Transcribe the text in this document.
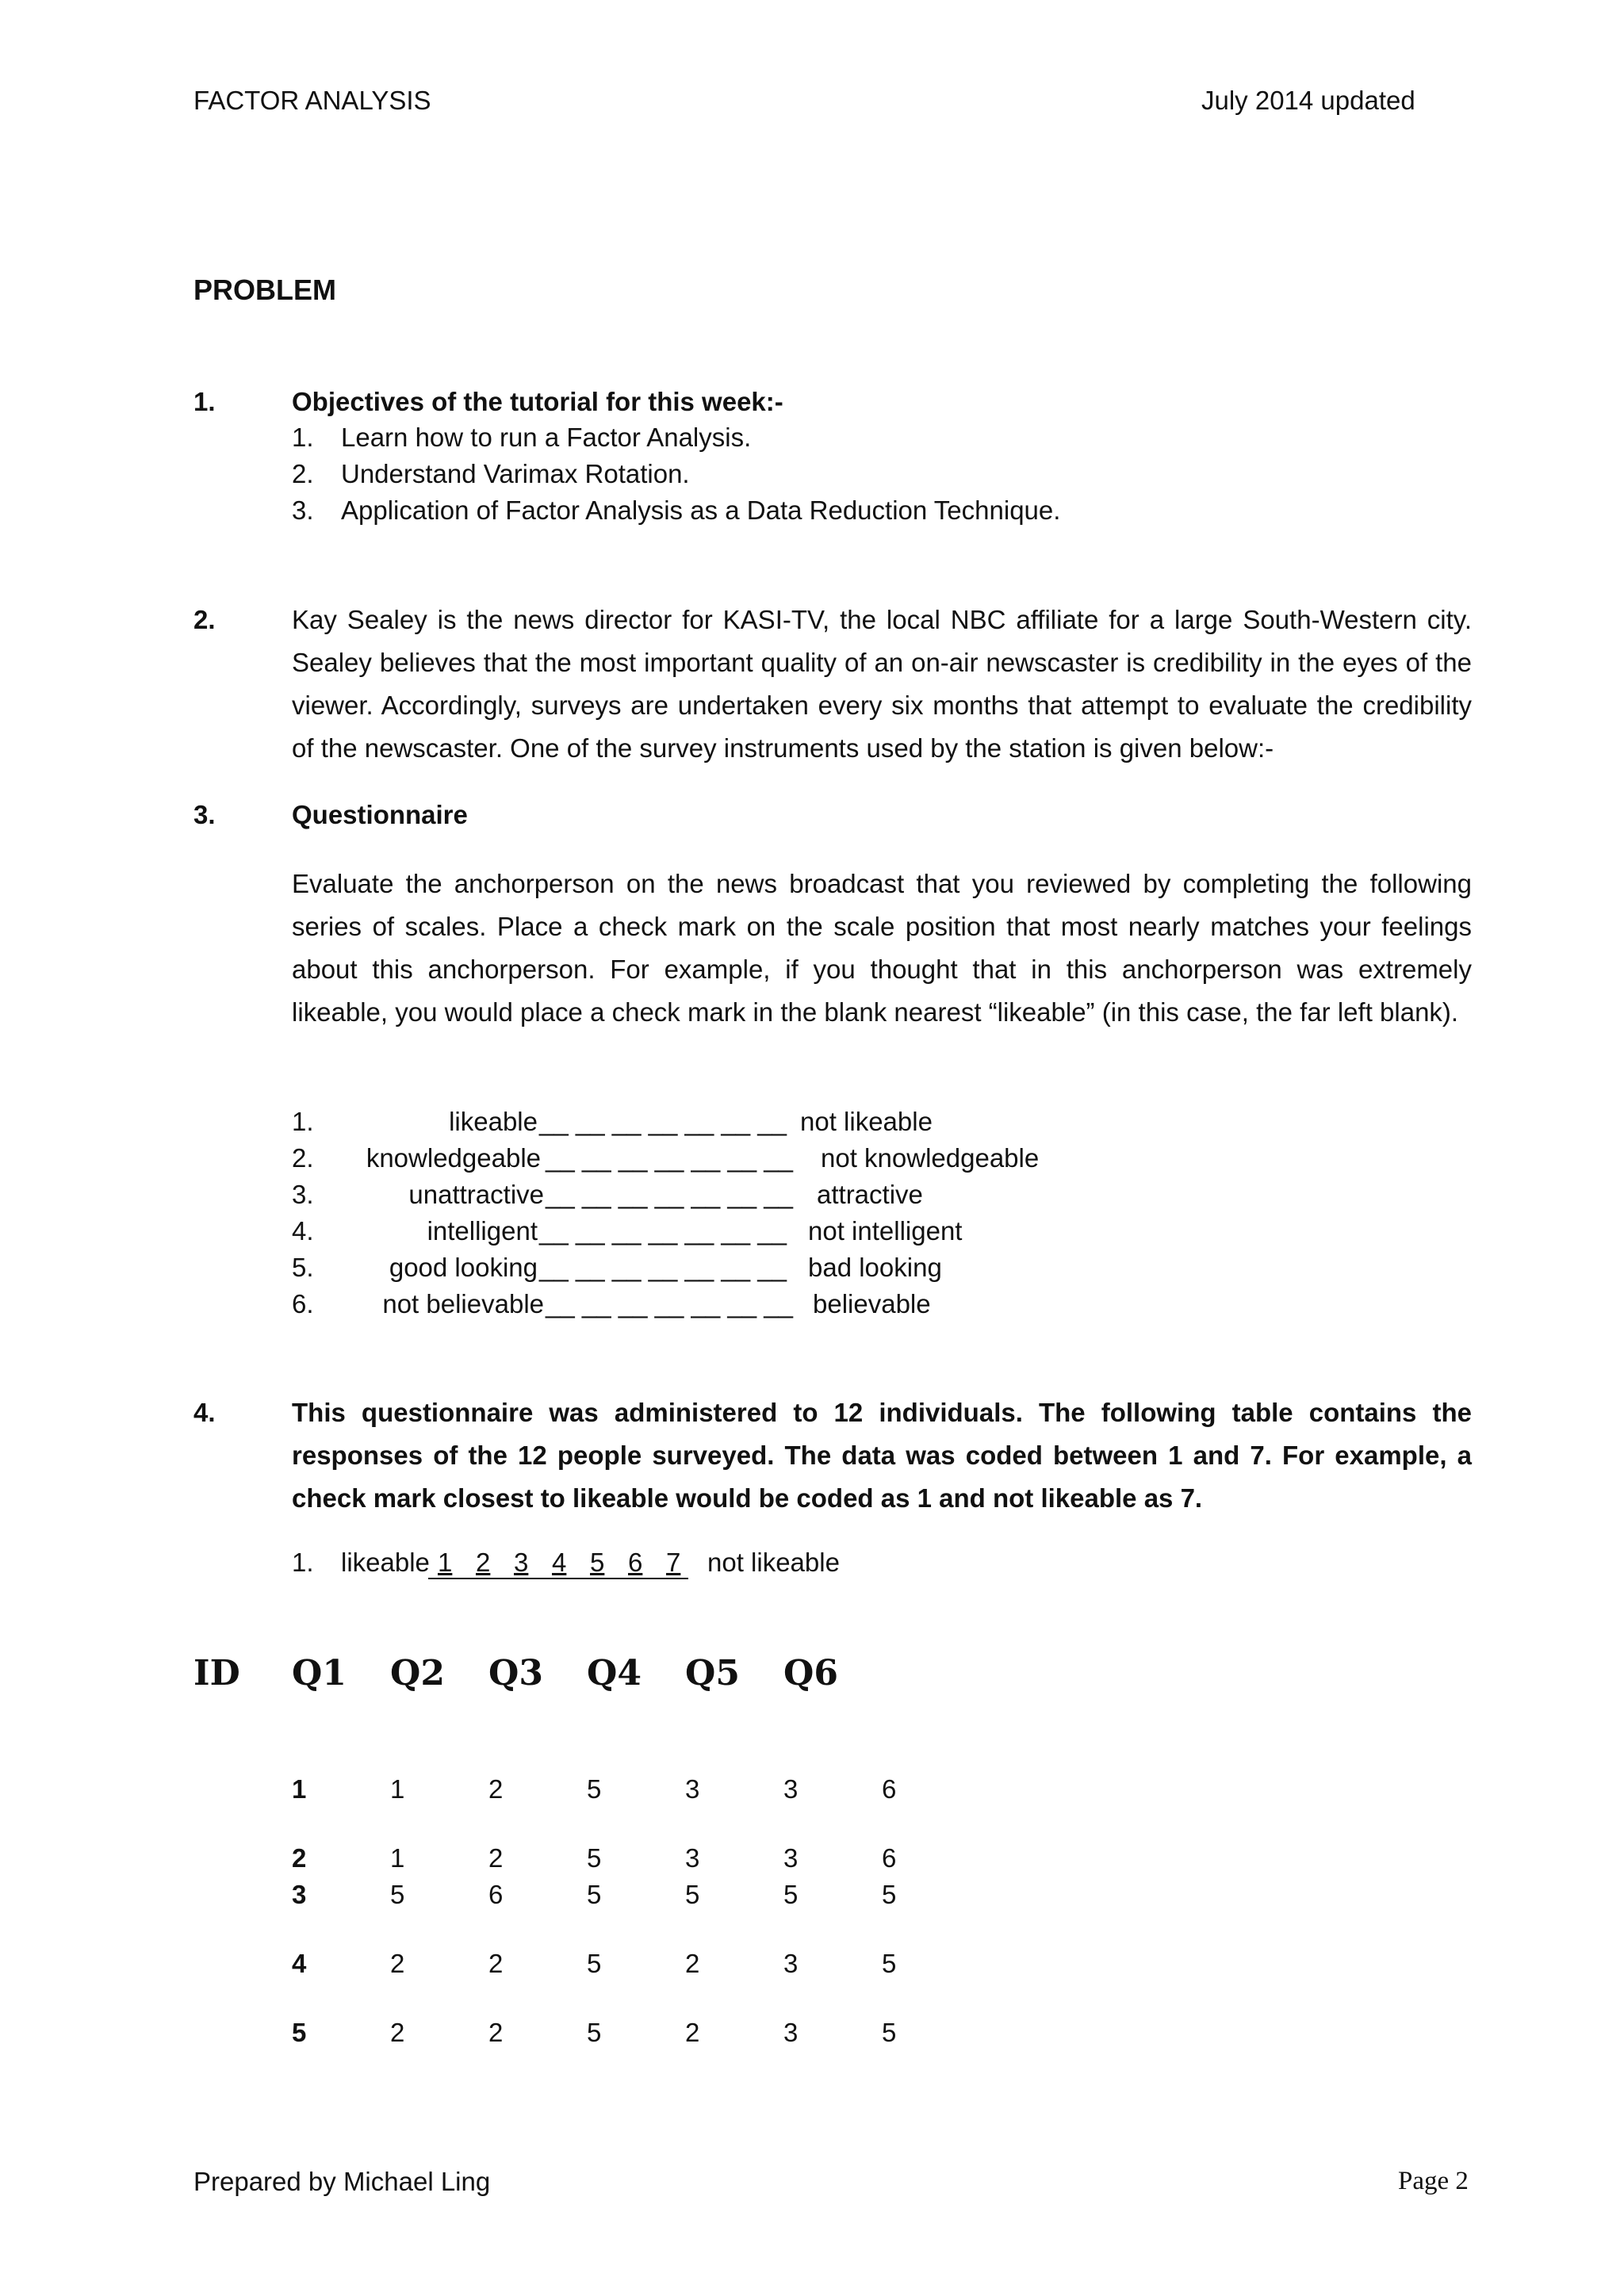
FACTOR ANALYSIS	July 2014 updated
PROBLEM
1.	Objectives of the tutorial for this week:-
1. Learn how to run a Factor Analysis.
2. Understand Varimax Rotation.
3. Application of Factor Analysis as a Data Reduction Technique.
2.	Kay Sealey is the news director for KASI-TV, the local NBC affiliate for a large South-Western city. Sealey believes that the most important quality of an on-air newscaster is credibility in the eyes of the viewer. Accordingly, surveys are undertaken every six months that attempt to evaluate the credibility of the newscaster. One of the survey instruments used by the station is given below:-
3.	Questionnaire
Evaluate the anchorperson on the news broadcast that you reviewed by completing the following series of scales. Place a check mark on the scale position that most nearly matches your feelings about this anchorperson. For example, if you thought that in this anchorperson was extremely likeable, you would place a check mark in the blank nearest “likeable” (in this case, the far left blank).
1.	likeable __ __ __ __ __ __ __ not likeable
2. knowledgeable __ __ __ __ __ __ __ not knowledgeable
3.	unattractive __ __ __ __ __ __ __ attractive
4.	intelligent __ __ __ __ __ __ __ not intelligent
5.	good looking __ __ __ __ __ __ __ bad looking
6.	not believable __ __ __ __ __ __ __ believable
4.	This questionnaire was administered to 12 individuals. The following table contains the responses of the 12 people surveyed. The data was coded between 1 and 7. For example, a check mark closest to likeable would be coded as 1 and not likeable as 7.
1. likeable 1 2 3 4 5 6 7 not likeable
ID Q1 Q2 Q3 Q4 Q5 Q6
1	1	2	5	3	3	6
2	1	2	5	3	3	6
3	5	6	5	5	5	5
4	2	2	5	2	3	5
5	2	2	5	2	3	5
Prepared by Michael Ling	Page 2
